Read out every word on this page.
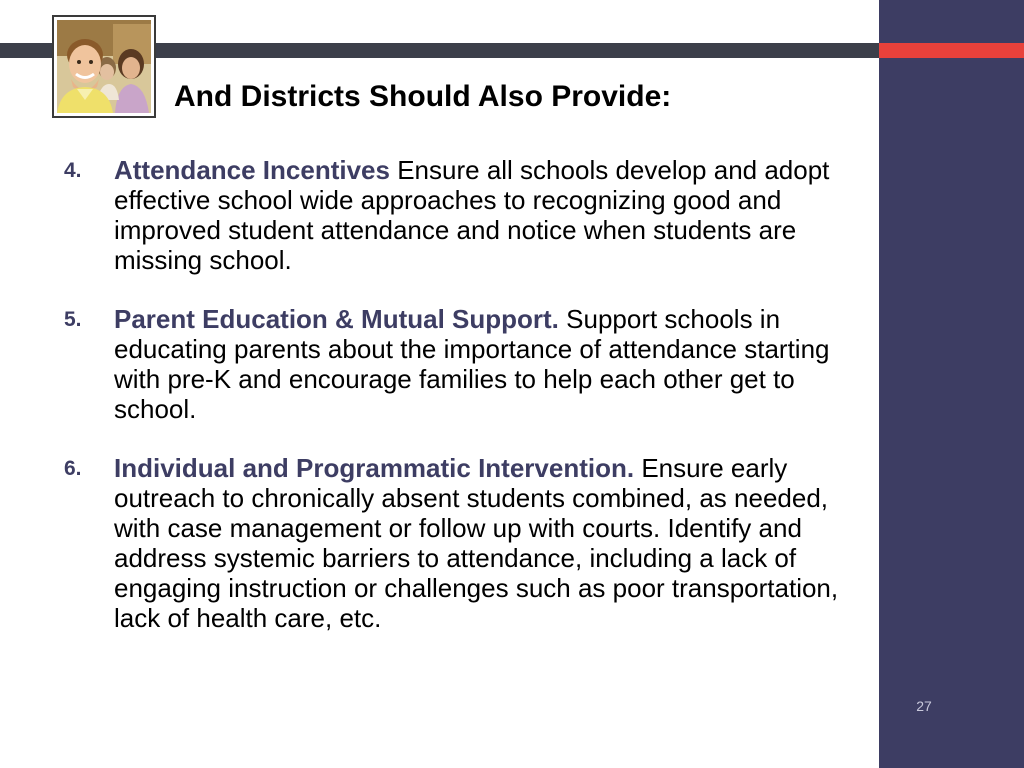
And Districts Should Also Provide:
4. Attendance Incentives Ensure all schools develop and adopt effective school wide approaches to recognizing good and improved student attendance and notice when students are missing school.

5. Parent Education & Mutual Support. Support schools in educating parents about the importance of attendance starting with pre-K and encourage families to help each other get to school.

6. Individual and Programmatic Intervention. Ensure early outreach to chronically absent students combined, as needed, with case management or follow up with courts. Identify and address systemic barriers to attendance, including a lack of engaging instruction or challenges such as poor transportation, lack of health care, etc.

27
